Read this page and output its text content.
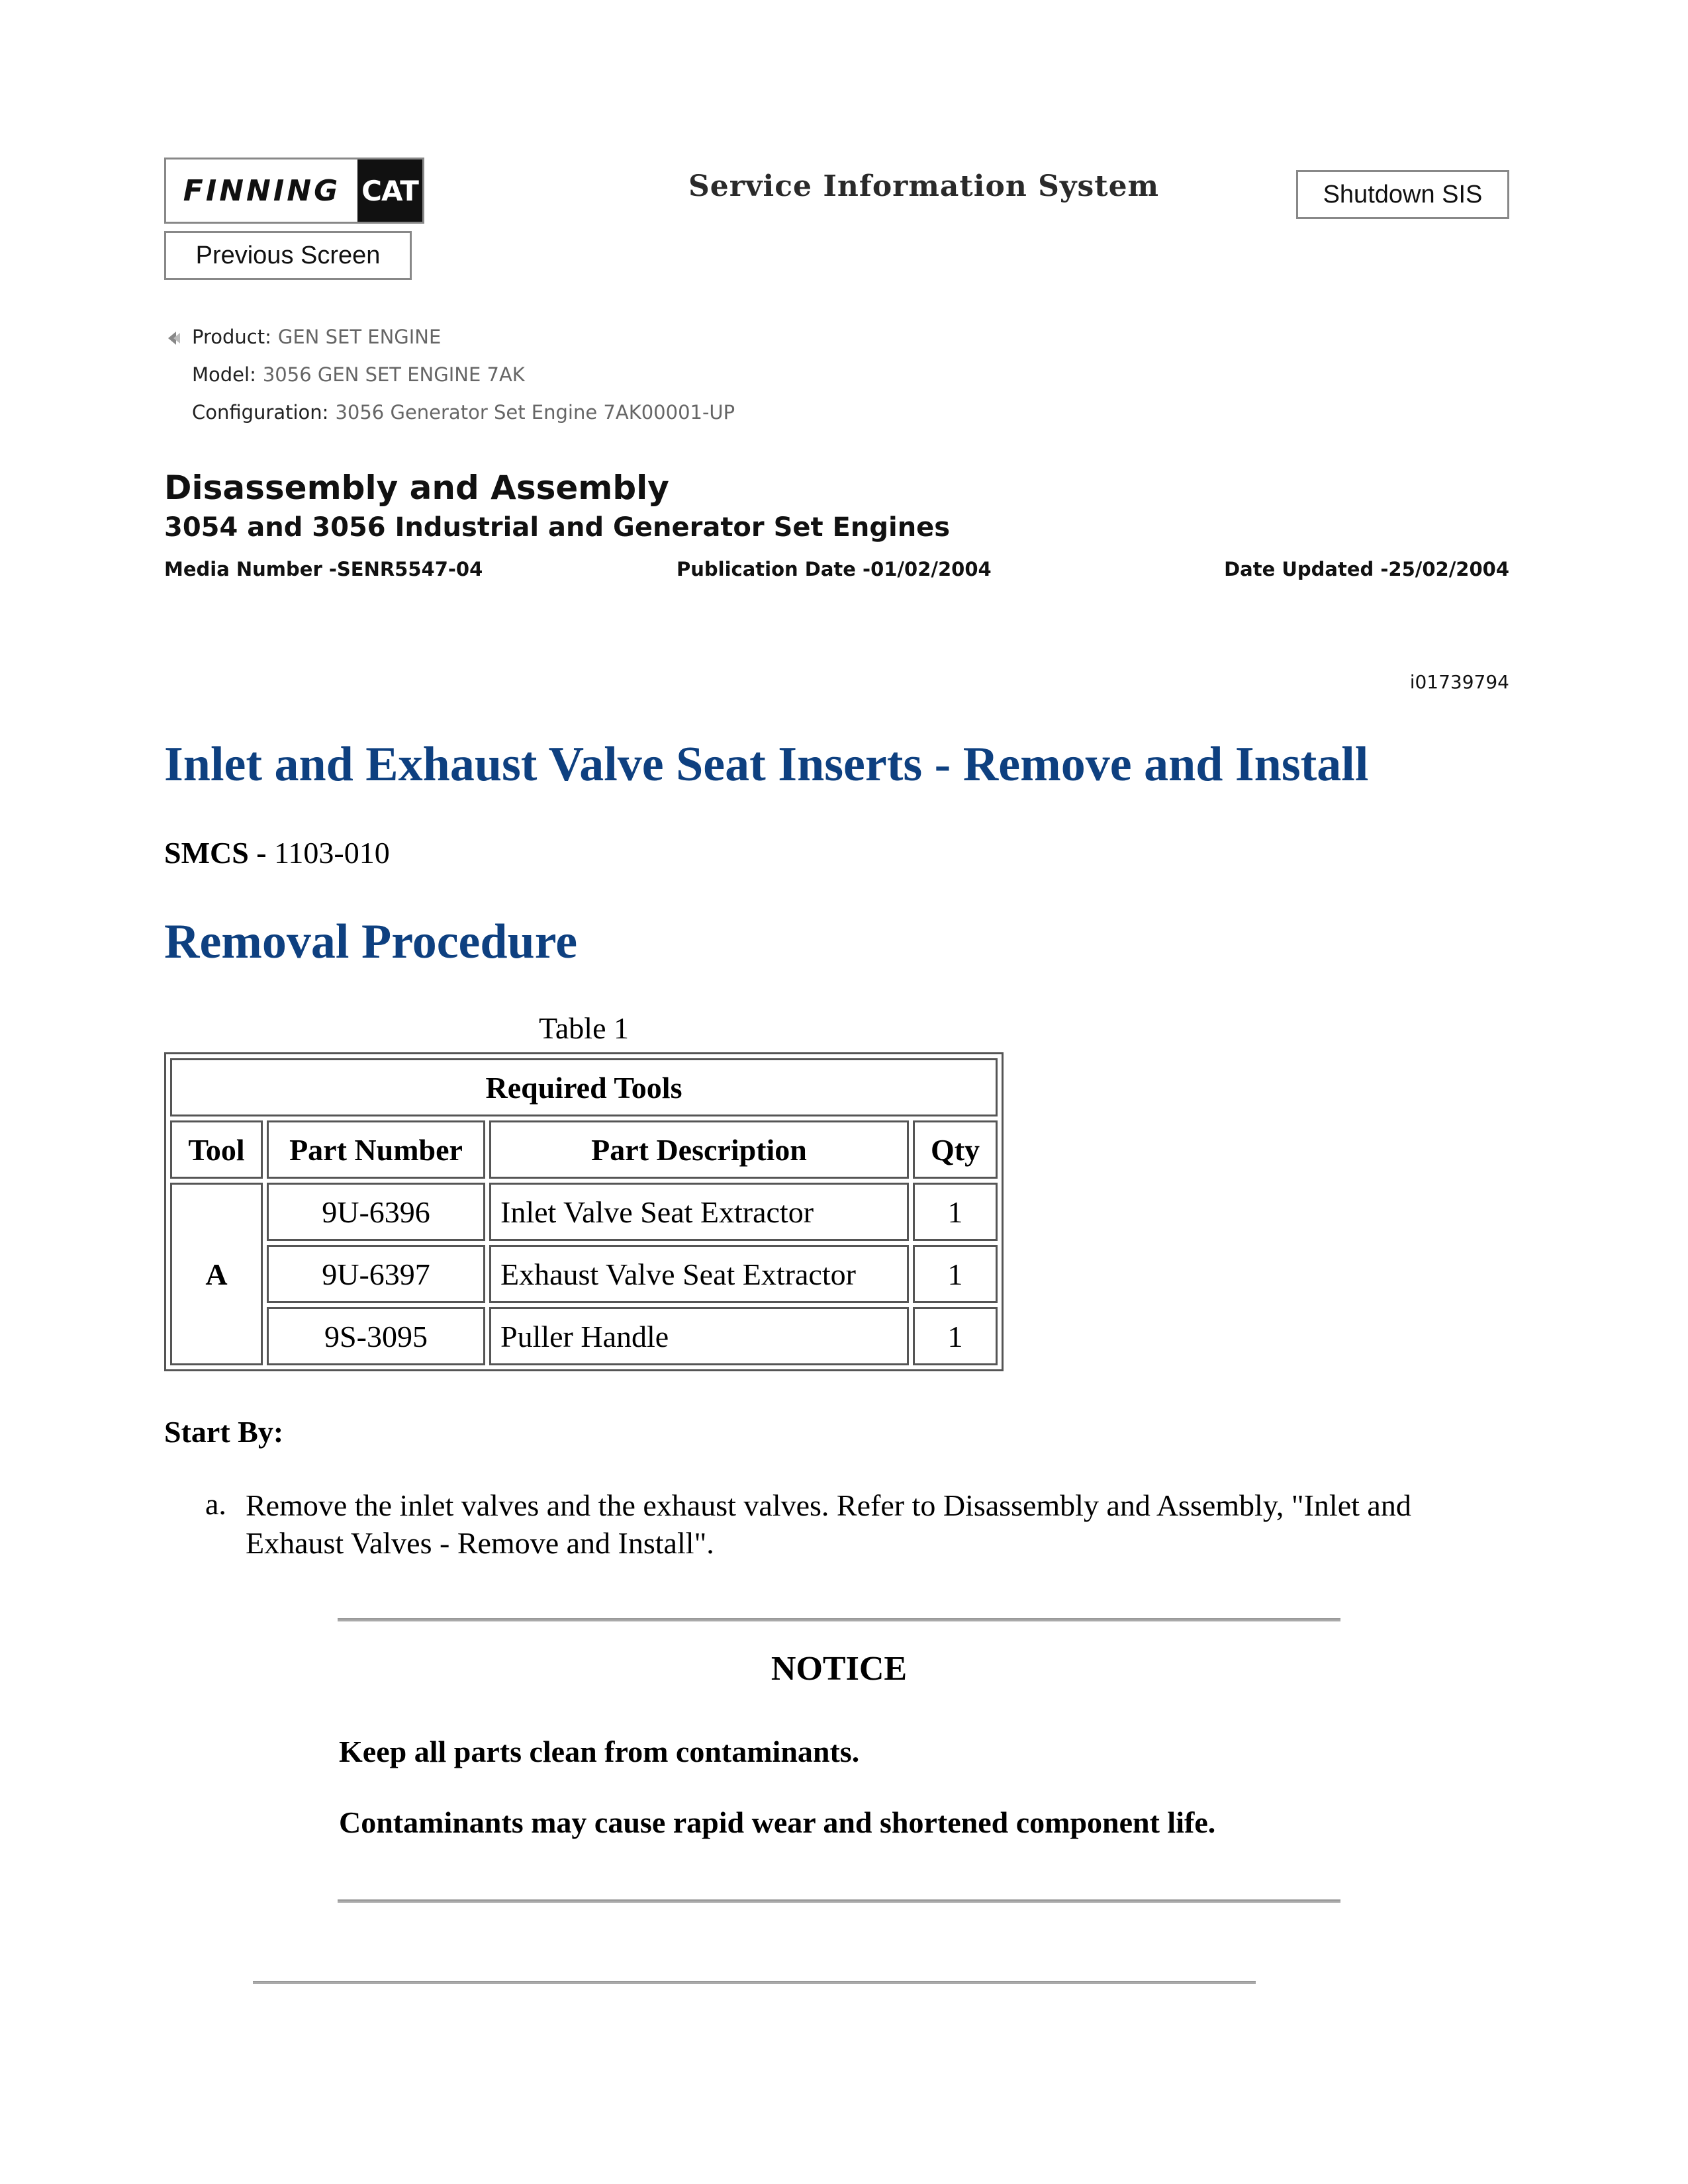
FINNING CAT	Service Information System	Shutdown SIS
Previous Screen
Product: GEN SET ENGINE
Model: 3056 GEN SET ENGINE 7AK
Configuration: 3056 Generator Set Engine 7AK00001-UP
Disassembly and Assembly
3054 and 3056 Industrial and Generator Set Engines
Media Number -SENR5547-04	Publication Date -01/02/2004	Date Updated -25/02/2004
i01739794
Inlet and Exhaust Valve Seat Inserts - Remove and Install
SMCS - 1103-010
Removal Procedure
Table 1
Required Tools			
Tool	Part Number	Part Description	Qty
A	9U-6396	Inlet Valve Seat Extractor	1
	9U-6397	Exhaust Valve Seat Extractor	1
	9S-3095	Puller Handle	1
Start By:
a. Remove the inlet valves and the exhaust valves. Refer to Disassembly and Assembly, "Inlet and Exhaust Valves - Remove and Install".
NOTICE
Keep all parts clean from contaminants.
Contaminants may cause rapid wear and shortened component life.
